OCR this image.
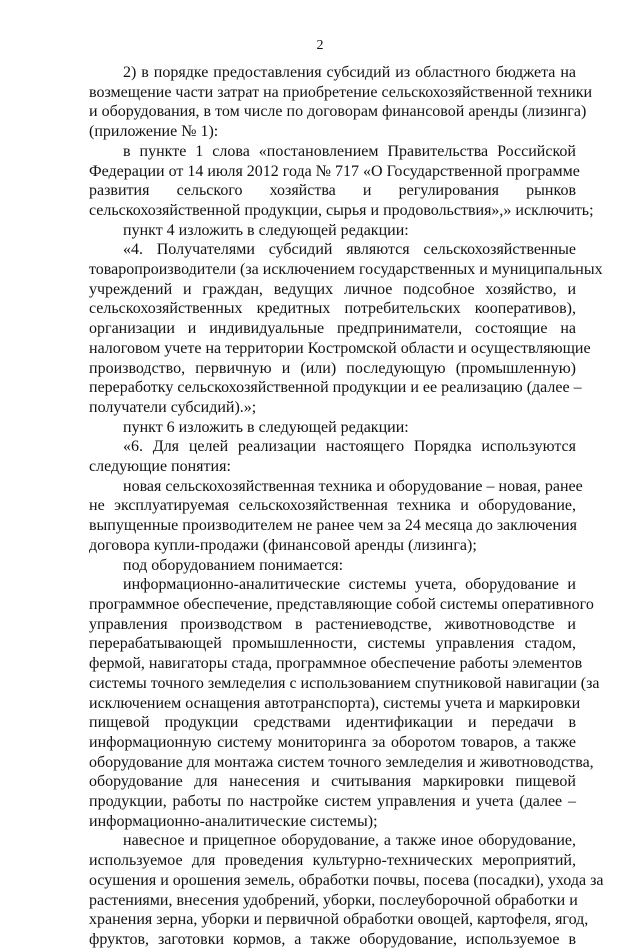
2
2) в порядке предоставления субсидий из областного бюджета на
возмещение части затрат на приобретение сельскохозяйственной техники
и оборудования, в том числе по договорам финансовой аренды (лизинга)
(приложение № 1):
в пункте 1 слова «постановлением Правительства Российской
Федерации от 14 июля 2012 года № 717 «О Государственной программе
развития сельского хозяйства и регулирования рынков
сельскохозяйственной продукции, сырья и продовольствия»,» исключить;
пункт 4 изложить в следующей редакции:
«4. Получателями субсидий являются сельскохозяйственные
товаропроизводители (за исключением государственных и муниципальных
учреждений и граждан, ведущих личное подсобное хозяйство, и
сельскохозяйственных кредитных потребительских кооперативов),
организации и индивидуальные предприниматели, состоящие на
налоговом учете на территории Костромской области и осуществляющие
производство, первичную и (или) последующую (промышленную)
переработку сельскохозяйственной продукции и ее реализацию (далее –
получатели субсидий).»;
пункт 6 изложить в следующей редакции:
«6. Для целей реализации настоящего Порядка используются
следующие понятия:
новая сельскохозяйственная техника и оборудование – новая, ранее
не эксплуатируемая сельскохозяйственная техника и оборудование,
выпущенные производителем не ранее чем за 24 месяца до заключения
договора купли-продажи (финансовой аренды (лизинга);
под оборудованием понимается:
информационно-аналитические системы учета, оборудование и
программное обеспечение, представляющие собой системы оперативного
управления производством в растениеводстве, животноводстве и
перерабатывающей промышленности, системы управления стадом,
фермой, навигаторы стада, программное обеспечение работы элементов
системы точного земледелия с использованием спутниковой навигации (за
исключением оснащения автотранспорта), системы учета и маркировки
пищевой продукции средствами идентификации и передачи в
информационную систему мониторинга за оборотом товаров, а также
оборудование для монтажа систем точного земледелия и животноводства,
оборудование для нанесения и считывания маркировки пищевой
продукции, работы по настройке систем управления и учета (далее –
информационно-аналитические системы);
навесное и прицепное оборудование, а также иное оборудование,
используемое для проведения культурно-технических мероприятий,
осушения и орошения земель, обработки почвы, посева (посадки), ухода за
растениями, внесения удобрений, уборки, послеуборочной обработки и
хранения зерна, уборки и первичной обработки овощей, картофеля, ягод,
фруктов, заготовки кормов, а также оборудование, используемое в
